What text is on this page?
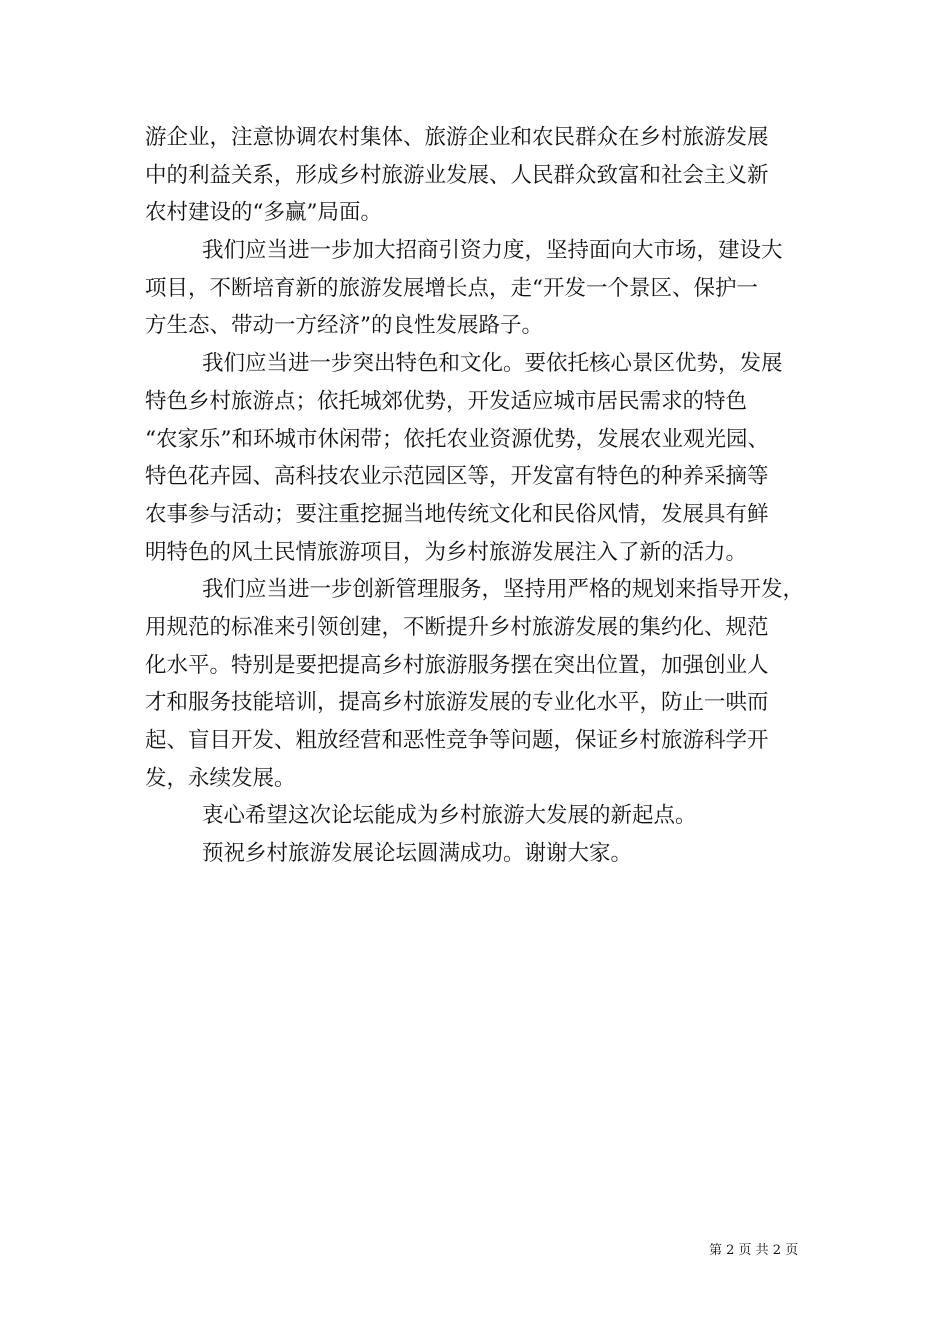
游企业，注意协调农村集体、旅游企业和农民群众在乡村旅游发展
中的利益关系，形成乡村旅游业发展、人民群众致富和社会主义新
农村建设的“多赢”局面。
我们应当进一步加大招商引资力度，坚持面向大市场，建设大
项目，不断培育新的旅游发展增长点，走“开发一个景区、保护一
方生态、带动一方经济”的良性发展路子。
我们应当进一步突出特色和文化。要依托核心景区优势，发展
特色乡村旅游点；依托城郊优势，开发适应城市居民需求的特色
“农家乐”和环城市休闲带；依托农业资源优势，发展农业观光园、
特色花卉园、高科技农业示范园区等，开发富有特色的种养采摘等
农事参与活动；要注重挖掘当地传统文化和民俗风情，发展具有鲜
明特色的风土民情旅游项目，为乡村旅游发展注入了新的活力。
我们应当进一步创新管理服务，坚持用严格的规划来指导开发，
用规范的标准来引领创建，不断提升乡村旅游发展的集约化、规范
化水平。特别是要把提高乡村旅游服务摆在突出位置，加强创业人
才和服务技能培训，提高乡村旅游发展的专业化水平，防止一哄而
起、盲目开发、粗放经营和恶性竞争等问题，保证乡村旅游科学开
发，永续发展。
衷心希望这次论坛能成为乡村旅游大发展的新起点。
预祝乡村旅游发展论坛圆满成功。谢谢大家。
第 2 页 共 2 页
